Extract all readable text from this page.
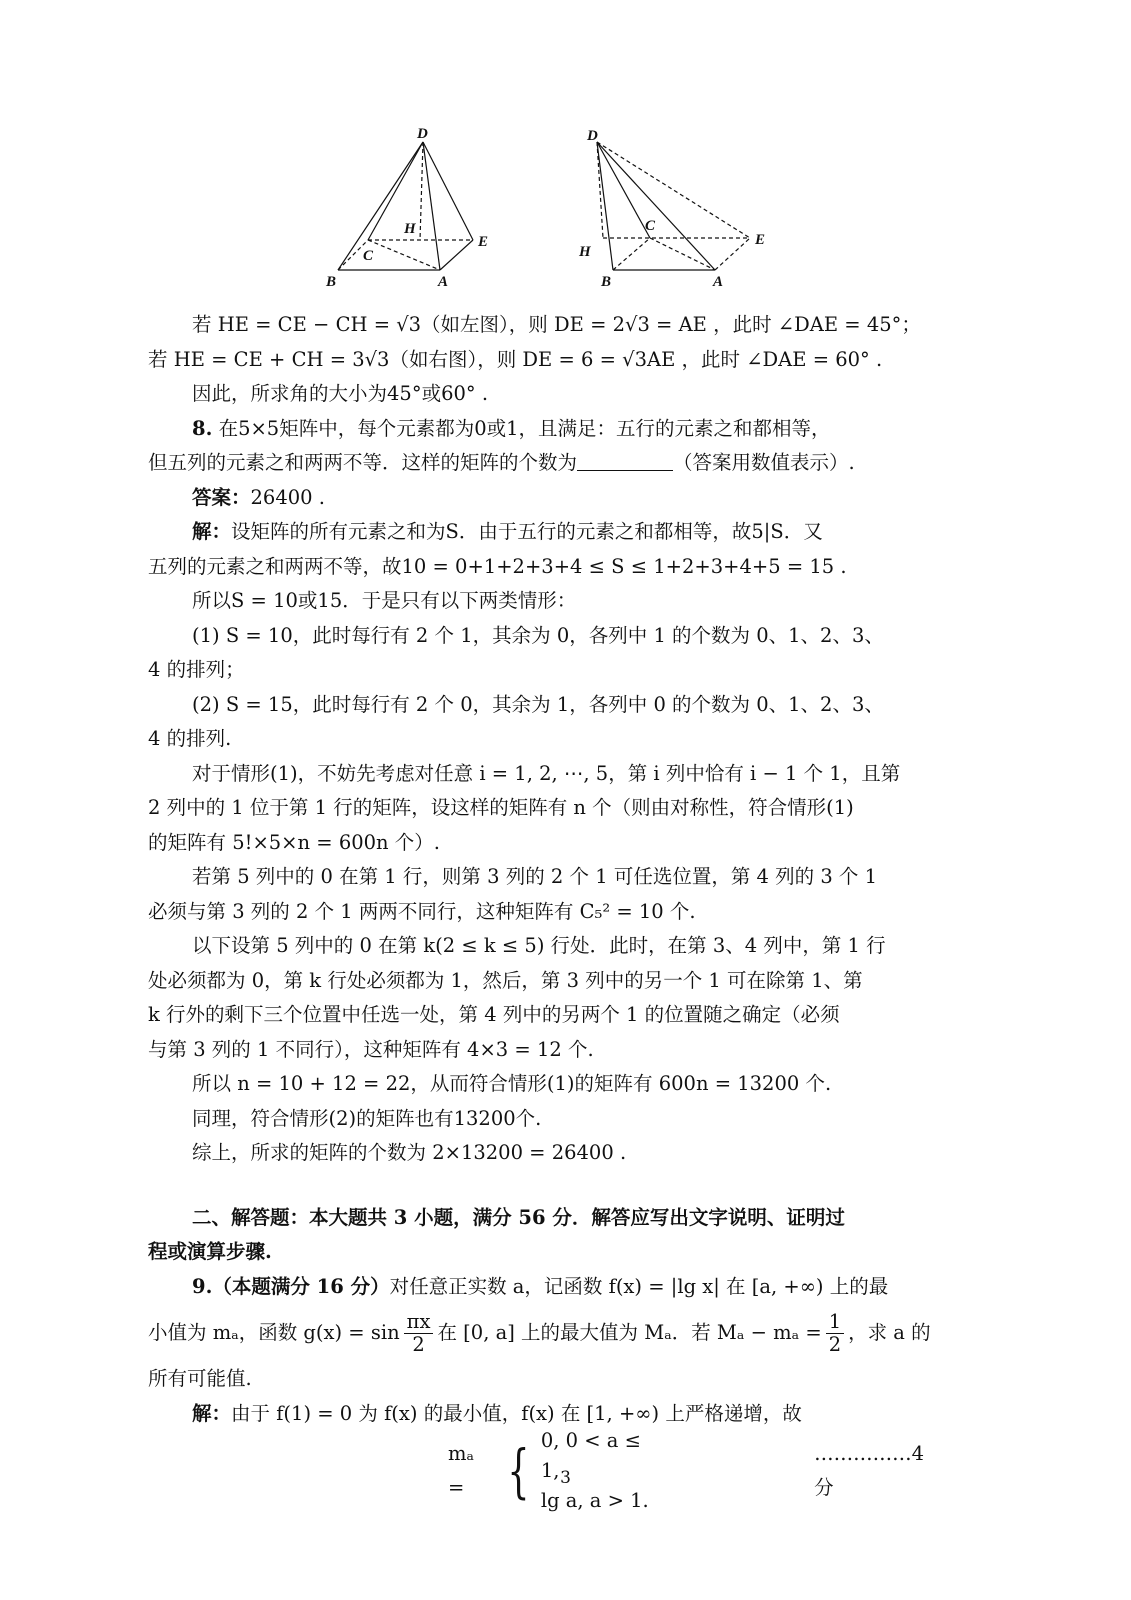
D
H
E
C
B	A
D
C
E
H
B	A
若 HE = CE − CH = √3（如左图），则 DE = 2√3 = AE ，此时 ∠DAE = 45°；
若 HE = CE + CH = 3√3（如右图），则 DE = 6 = √3AE ，此时 ∠DAE = 60° .
因此，所求角的大小为45°或60° .
8. 在5×5矩阵中，每个元素都为0或1，且满足：五行的元素之和都相等，
但五列的元素之和两两不等．这样的矩阵的个数为	（答案用数值表示）.
答案：26400 .
解：设矩阵的所有元素之和为S．由于五行的元素之和都相等，故5|S．又
五列的元素之和两两不等，故10 = 0+1+2+3+4 ≤ S ≤ 1+2+3+4+5 = 15 .
所以S = 10或15．于是只有以下两类情形：
(1) S = 10，此时每行有 2 个 1，其余为 0，各列中 1 的个数为 0、1、2、3、
4 的排列；
(2) S = 15，此时每行有 2 个 0，其余为 1，各列中 0 的个数为 0、1、2、3、
4 的排列.
对于情形(1)，不妨先考虑对任意 i = 1, 2, ⋯, 5，第 i 列中恰有 i − 1 个 1，且第
2 列中的 1 位于第 1 行的矩阵，设这样的矩阵有 n 个（则由对称性，符合情形(1)
的矩阵有 5!×5×n = 600n 个）.
若第 5 列中的 0 在第 1 行，则第 3 列的 2 个 1 可任选位置，第 4 列的 3 个 1
必须与第 3 列的 2 个 1 两两不同行，这种矩阵有 C₅² = 10 个.
以下设第 5 列中的 0 在第 k(2 ≤ k ≤ 5) 行处．此时，在第 3、4 列中，第 1 行
处必须都为 0，第 k 行处必须都为 1，然后，第 3 列中的另一个 1 可在除第 1、第
k 行外的剩下三个位置中任选一处，第 4 列中的另两个 1 的位置随之确定（必须
与第 3 列的 1 不同行），这种矩阵有 4×3 = 12 个.
所以 n = 10 + 12 = 22，从而符合情形(1)的矩阵有 600n = 13200 个.
同理，符合情形(2)的矩阵也有13200个.
综上，所求的矩阵的个数为 2×13200 = 26400 .
二、解答题：本大题共 3 小题，满分 56 分．解答应写出文字说明、证明过
程或演算步骤.
9.（本题满分 16 分）对任意正实数 a，记函数 f(x) = |lg x| 在 [a, +∞) 上的最
小值为 mₐ，函数 g(x) = sin πx
2
在 [0, a] 上的最大值为 Mₐ．若 $M_a - m_a = \frac{1}{2}$ ，求 a 的
所有可能值.
解：由于 f(1) = 0 为 f(x) 的最小值，f(x) 在 [1, +∞) 上严格递增，故
mₐ = { 0, 0 < a ≤ 1,
lg a, a > 1.
……………4 分
3
